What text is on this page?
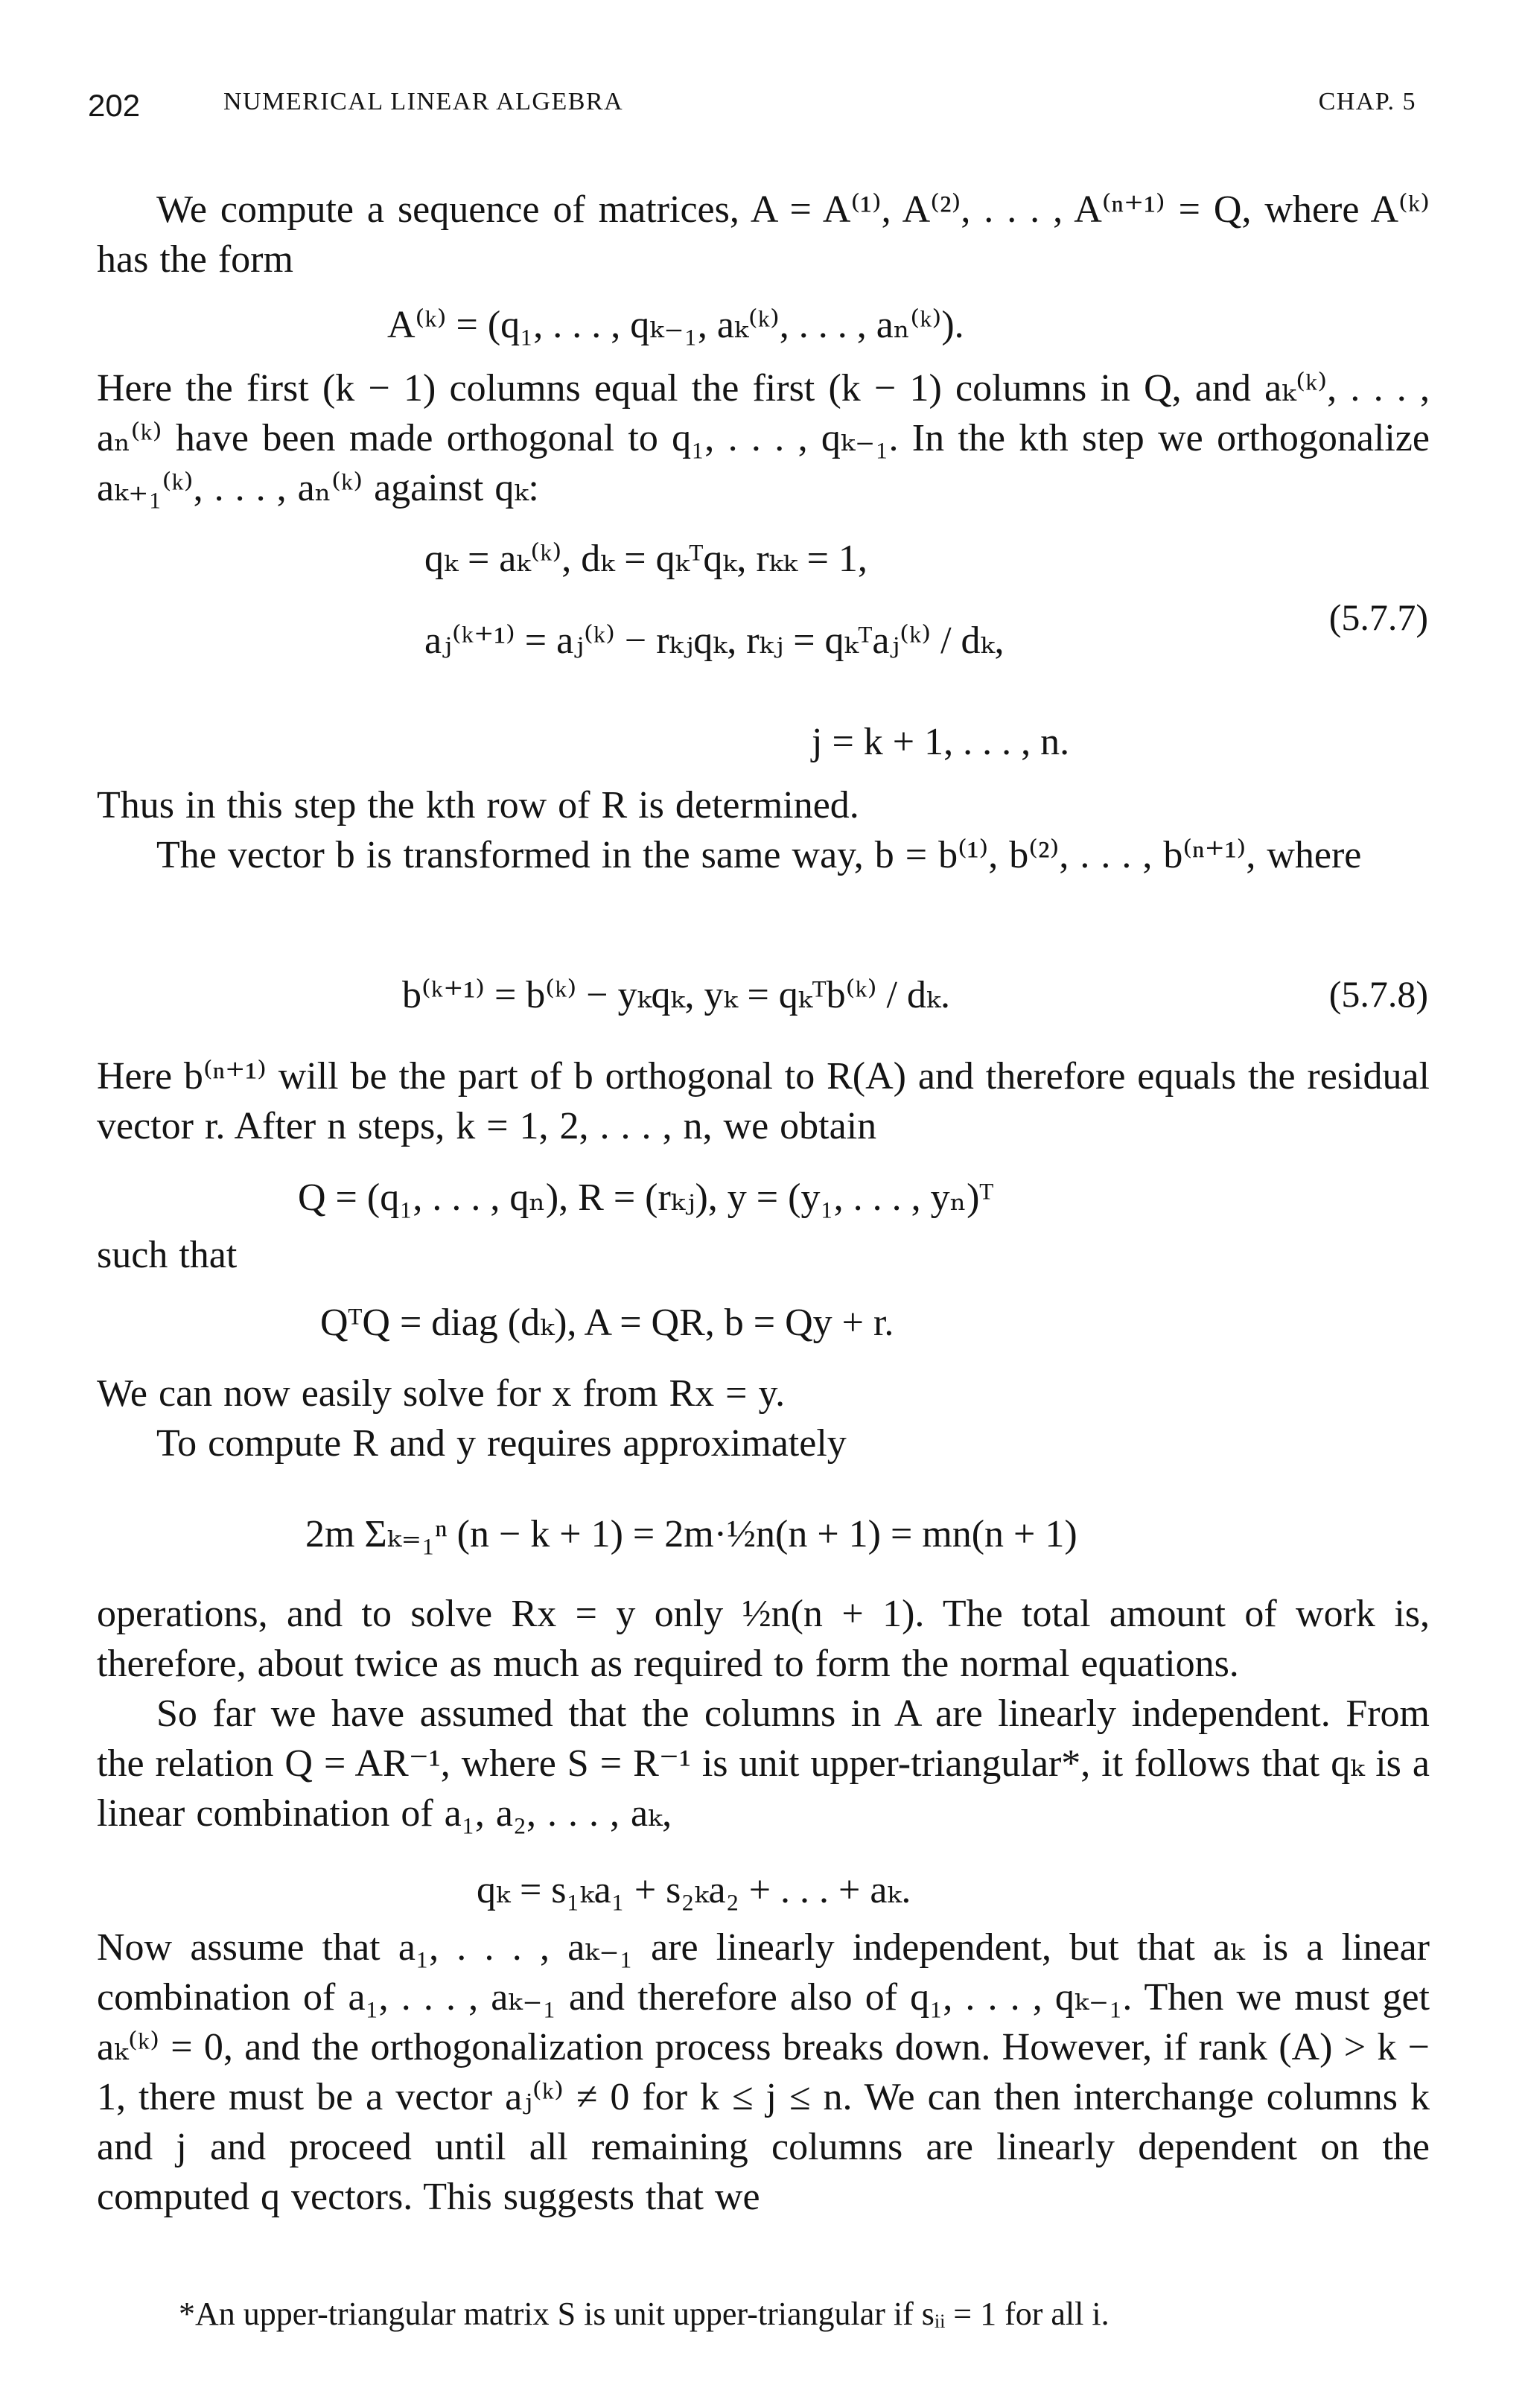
202	NUMERICAL LINEAR ALGEBRA	CHAP. 5
We compute a sequence of matrices, A = A⁽¹⁾, A⁽²⁾, . . . , A⁽ⁿ⁺¹⁾ = Q, where A⁽ᵏ⁾ has the form
A⁽ᵏ⁾ = (q₁, . . . , qₖ₋₁, aₖ⁽ᵏ⁾, . . . , aₙ⁽ᵏ⁾).
Here the first (k − 1) columns equal the first (k − 1) columns in Q, and aₖ⁽ᵏ⁾, . . . , aₙ⁽ᵏ⁾ have been made orthogonal to q₁, . . . , qₖ₋₁. In the kth step we orthogonalize aₖ₊₁⁽ᵏ⁾, . . . , aₙ⁽ᵏ⁾ against qₖ:
qₖ = aₖ⁽ᵏ⁾, dₖ = qₖᵀqₖ, rₖₖ = 1,
aⱼ⁽ᵏ⁺¹⁾ = aⱼ⁽ᵏ⁾ − rₖⱼqₖ, rₖⱼ = qₖᵀaⱼ⁽ᵏ⁾ / dₖ,
(5.7.7)
j = k + 1, . . . , n.
Thus in this step the kth row of R is determined.
The vector b is transformed in the same way, b = b⁽¹⁾, b⁽²⁾, . . . , b⁽ⁿ⁺¹⁾, where
b⁽ᵏ⁺¹⁾ = b⁽ᵏ⁾ − yₖqₖ, yₖ = qₖᵀb⁽ᵏ⁾ / dₖ.	(5.7.8)
Here b⁽ⁿ⁺¹⁾ will be the part of b orthogonal to R(A) and therefore equals the residual vector r. After n steps, k = 1, 2, . . . , n, we obtain
Q = (q₁, . . . , qₙ), R = (rₖⱼ), y = (y₁, . . . , yₙ)ᵀ
such that
QᵀQ = diag (dₖ), A = QR, b = Qy + r.
We can now easily solve for x from Rx = y.
To compute R and y requires approximately
2m Σₖ₌₁ⁿ (n − k + 1) = 2m·½n(n + 1) = mn(n + 1)
operations, and to solve Rx = y only ½n(n + 1). The total amount of work is, therefore, about twice as much as required to form the normal equations.
So far we have assumed that the columns in A are linearly independent. From the relation Q = AR⁻¹, where S = R⁻¹ is unit upper-triangular*, it follows that qₖ is a linear combination of a₁, a₂, . . . , aₖ,
qₖ = s₁ₖa₁ + s₂ₖa₂ + . . . + aₖ.
Now assume that a₁, . . . , aₖ₋₁ are linearly independent, but that aₖ is a linear combination of a₁, . . . , aₖ₋₁ and therefore also of q₁, . . . , qₖ₋₁. Then we must get aₖ⁽ᵏ⁾ = 0, and the orthogonalization process breaks down. However, if rank (A) > k − 1, there must be a vector aⱼ⁽ᵏ⁾ ≠ 0 for k ≤ j ≤ n. We can then interchange columns k and j and proceed until all remaining columns are linearly dependent on the computed q vectors. This suggests that we
*An upper-triangular matrix S is unit upper-triangular if sᵢᵢ = 1 for all i.
